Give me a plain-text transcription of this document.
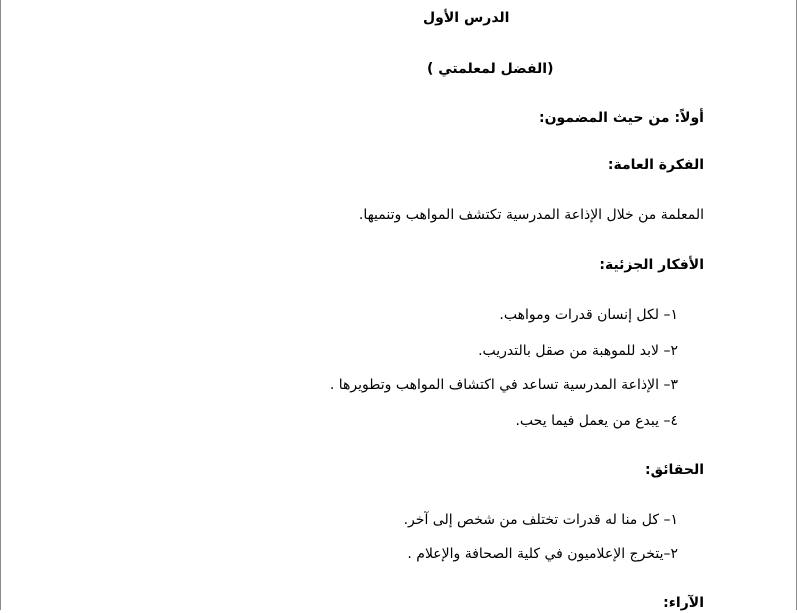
الدرس الأول
(الفضل لمعلمتي )
أولاً: من حيث المضمون:
الفكرة العامة:
المعلمة من خلال الإذاعة المدرسية تكتشف المواهب وتنميها.
الأفكار الجزئية:
١– لكل إنسان قدرات ومواهب.
٢– لابد للموهبة من صقل بالتدريب.
٣– الإذاعة المدرسية تساعد في اكتشاف المواهب وتطويرها .
٤– يبدع من يعمل فيما يحب.
الحقائق:
١– كل منا له قدرات تختلف من شخص إلى آخر.
٢–يتخرج الإعلاميون في كلية الصحافة والإعلام .
الآراء:
